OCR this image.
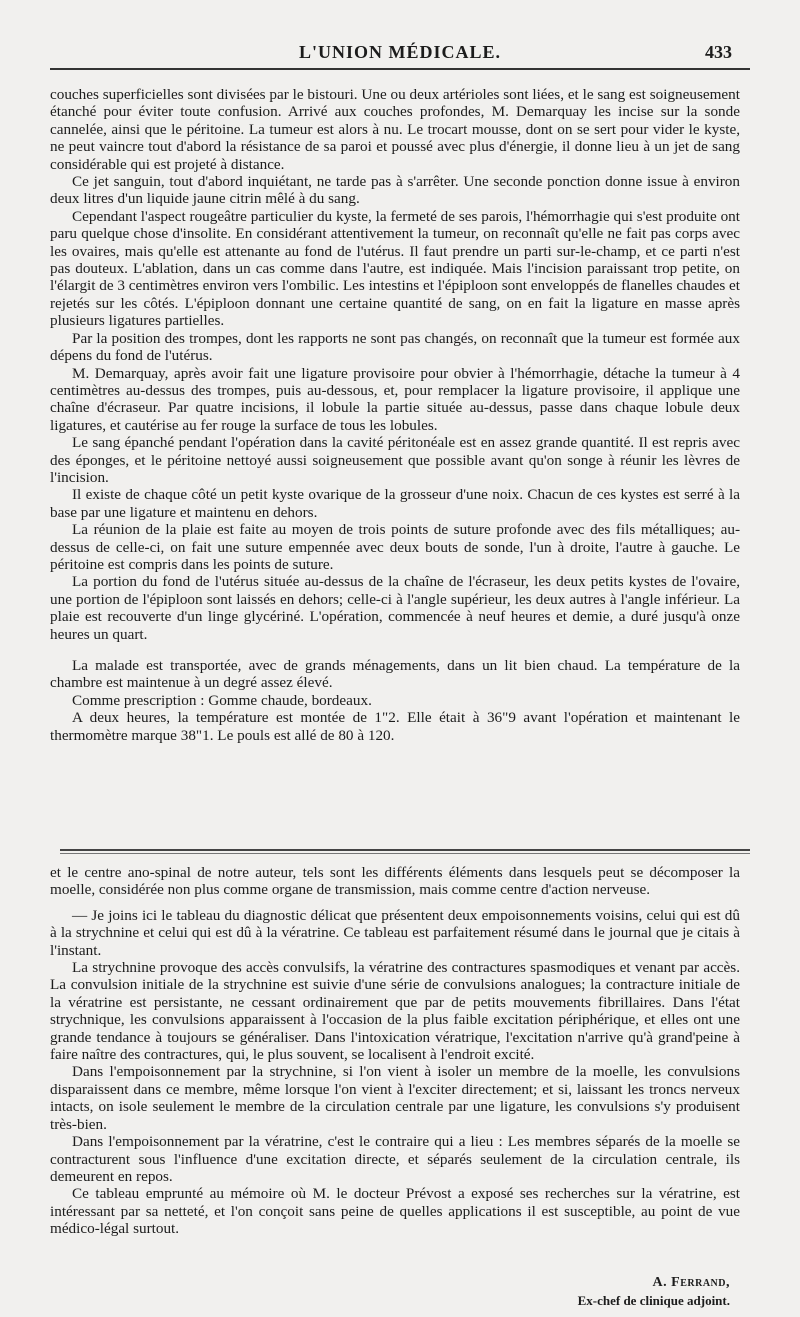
L'UNION MÉDICALE.	433

couches superficielles sont divisées par le bistouri. Une ou deux artérioles sont liées, et le sang est soigneusement étanché pour éviter toute confusion. Arrivé aux couches profondes, M. Demarquay les incise sur la sonde cannelée, ainsi que le péritoine. La tumeur est alors à nu. Le trocart mousse, dont on se sert pour vider le kyste, ne peut vaincre tout d'abord la résistance de sa paroi et poussé avec plus d'énergie, il donne lieu à un jet de sang considérable qui est projeté à distance.

Ce jet sanguin, tout d'abord inquiétant, ne tarde pas à s'arrêter. Une seconde ponction donne issue à environ deux litres d'un liquide jaune citrin mêlé à du sang.

Cependant l'aspect rougeâtre particulier du kyste, la fermeté de ses parois, l'hémorrhagie qui s'est produite ont paru quelque chose d'insolite. En considérant attentivement la tumeur, on reconnaît qu'elle ne fait pas corps avec les ovaires, mais qu'elle est attenante au fond de l'utérus. Il faut prendre un parti sur-le-champ, et ce parti n'est pas douteux. L'ablation, dans un cas comme dans l'autre, est indiquée. Mais l'incision paraissant trop petite, on l'élargit de 3 centimètres environ vers l'ombilic. Les intestins et l'épiploon sont enveloppés de flanelles chaudes et rejetés sur les côtés. L'épiploon donnant une certaine quantité de sang, on en fait la ligature en masse après plusieurs ligatures partielles.

Par la position des trompes, dont les rapports ne sont pas changés, on reconnaît que la tumeur est formée aux dépens du fond de l'utérus.

M. Demarquay, après avoir fait une ligature provisoire pour obvier à l'hémorrhagie, détache la tumeur à 4 centimètres au-dessus des trompes, puis au-dessous, et, pour remplacer la ligature provisoire, il applique une chaîne d'écraseur. Par quatre incisions, il lobule la partie située au-dessus, passe dans chaque lobule deux ligatures, et cautérise au fer rouge la surface de tous les lobules.

Le sang épanché pendant l'opération dans la cavité péritonéale est en assez grande quantité. Il est repris avec des éponges, et le péritoine nettoyé aussi soigneusement que possible avant qu'on songe à réunir les lèvres de l'incision.

Il existe de chaque côté un petit kyste ovarique de la grosseur d'une noix. Chacun de ces kystes est serré à la base par une ligature et maintenu en dehors.

La réunion de la plaie est faite au moyen de trois points de suture profonde avec des fils métalliques; au-dessus de celle-ci, on fait une suture empennée avec deux bouts de sonde, l'un à droite, l'autre à gauche. Le péritoine est compris dans les points de suture.

La portion du fond de l'utérus située au-dessus de la chaîne de l'écraseur, les deux petits kystes de l'ovaire, une portion de l'épiploon sont laissés en dehors; celle-ci à l'angle supérieur, les deux autres à l'angle inférieur. La plaie est recouverte d'un linge glycériné. L'opération, commencée à neuf heures et demie, a duré jusqu'à onze heures un quart.

La malade est transportée, avec de grands ménagements, dans un lit bien chaud. La température de la chambre est maintenue à un degré assez élevé.

Comme prescription : Gomme chaude, bordeaux.

A deux heures, la température est montée de 1"2. Elle était à 36"9 avant l'opération et maintenant le thermomètre marque 38"1. Le pouls est allé de 80 à 120.

et le centre ano-spinal de notre auteur, tels sont les différents éléments dans lesquels peut se décomposer la moelle, considérée non plus comme organe de transmission, mais comme centre d'action nerveuse.

— Je joins ici le tableau du diagnostic délicat que présentent deux empoisonnements voisins, celui qui est dû à la strychnine et celui qui est dû à la vératrine. Ce tableau est parfaitement résumé dans le journal que je citais à l'instant.

La strychnine provoque des accès convulsifs, la vératrine des contractures spasmodiques et venant par accès. La convulsion initiale de la strychnine est suivie d'une série de convulsions analogues; la contracture initiale de la vératrine est persistante, ne cessant ordinairement que par de petits mouvements fibrillaires. Dans l'état strychnique, les convulsions apparaissent à l'occasion de la plus faible excitation périphérique, et elles ont une grande tendance à toujours se généraliser. Dans l'intoxication vératrique, l'excitation n'arrive qu'à grand'peine à faire naître des contractures, qui, le plus souvent, se localisent à l'endroit excité.

Dans l'empoisonnement par la strychnine, si l'on vient à isoler un membre de la moelle, les convulsions disparaissent dans ce membre, même lorsque l'on vient à l'exciter directement; et si, laissant les troncs nerveux intacts, on isole seulement le membre de la circulation centrale par une ligature, les convulsions s'y produisent très-bien.

Dans l'empoisonnement par la vératrine, c'est le contraire qui a lieu : Les membres séparés de la moelle se contracturent sous l'influence d'une excitation directe, et séparés seulement de la circulation centrale, ils demeurent en repos.

Ce tableau emprunté au mémoire où M. le docteur Prévost a exposé ses recherches sur la vératrine, est intéressant par sa netteté, et l'on conçoit sans peine de quelles applications il est susceptible, au point de vue médico-légal surtout.

A. Ferrand,
Ex-chef de clinique adjoint.
